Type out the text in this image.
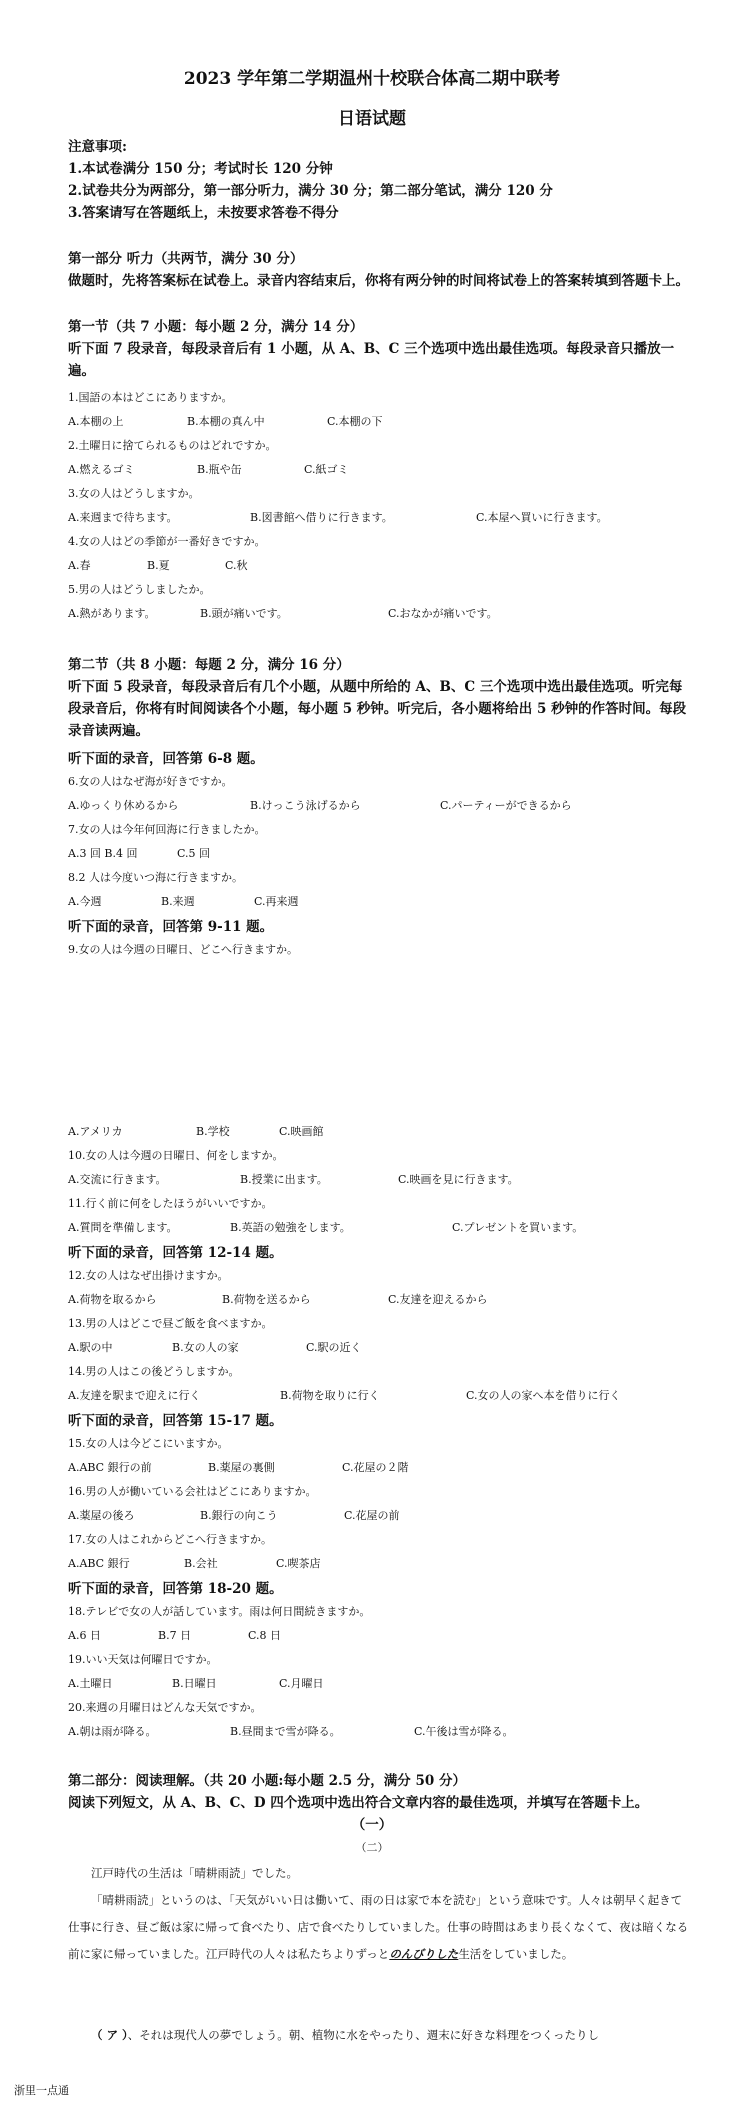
2023 学年第二学期温州十校联合体高二期中联考
日语试题
注意事项:
1.本试卷满分 150 分；考试时长 120 分钟
2.试卷共分为两部分，第一部分听力，满分 30 分；第二部分笔试，满分 120 分
3.答案请写在答题纸上，未按要求答卷不得分
第一部分 听力（共两节，满分 30 分）
做题时，先将答案标在试卷上。录音内容结束后，你将有两分钟的时间将试卷上的答案转填到答题卡上。
第一节（共 7 小题：每小题 2 分，满分 14 分）
听下面 7 段录音，每段录音后有 1 小题，从 A、B、C 三个选项中选出最佳选项。每段录音只播放一遍。
1.国語の本はどこにありますか。
A.本棚の上	B.本棚の真ん中	C.本棚の下
2.土曜日に捨てられるものはどれですか。
A.燃えるゴミ	B.瓶や缶	C.紙ゴミ
3.女の人はどうしますか。
A.来週まで待ちます。	B.図書館へ借りに行きます。	C.本屋へ買いに行きます。
4.女の人はどの季節が一番好きですか。
A.春	B.夏	C.秋
5.男の人はどうしましたか。
A.熱があります。	B.頭が痛いです。	C.おなかが痛いです。
第二节（共 8 小题：每题 2 分，满分 16 分）
听下面 5 段录音，每段录音后有几个小题，从题中所给的 A、B、C 三个选项中选出最佳选项。听完每段录音后，你将有时间阅读各个小题，每小题 5 秒钟。听完后，各小题将给出 5 秒钟的作答时间。每段录音读两遍。
听下面的录音，回答第 6-8 题。
6.女の人はなぜ海が好きですか。
A.ゆっくり休めるから	B.けっこう泳げるから	C.パーティーができるから
7.女の人は今年何回海に行きましたか。
A.3 回 B.4 回	C.5 回
8.2 人は今度いつ海に行きますか。
A.今週	B.来週	C.再来週
听下面的录音，回答第 9-11 题。
9.女の人は今週の日曜日、どこへ行きますか。
A.アメリカ	B.学校	C.映画館
10.女の人は今週の日曜日、何をしますか。
A.交流に行きます。	B.授業に出ます。	C.映画を見に行きます。
11.行く前に何をしたほうがいいですか。
A.質問を準備します。	B.英語の勉強をします。	C.プレゼントを買います。
听下面的录音，回答第 12-14 题。
12.女の人はなぜ出掛けますか。
A.荷物を取るから	B.荷物を送るから	C.友達を迎えるから
13.男の人はどこで昼ご飯を食べますか。
A.駅の中	B.女の人の家	C.駅の近く
14.男の人はこの後どうしますか。
A.友達を駅まで迎えに行く	B.荷物を取りに行く	C.女の人の家へ本を借りに行く
听下面的录音，回答第 15-17 题。
15.女の人は今どこにいますか。
A.ABC 銀行の前	B.薬屋の裏側	C.花屋の２階
16.男の人が働いている会社はどこにありますか。
A.薬屋の後ろ	B.銀行の向こう	C.花屋の前
17.女の人はこれからどこへ行きますか。
A.ABC 銀行	B.会社	C.喫茶店
听下面的录音，回答第 18-20 题。
18.テレビで女の人が話しています。雨は何日間続きますか。
A.6 日	B.7 日	C.8 日
19.いい天気は何曜日ですか。
A.土曜日	B.日曜日	C.月曜日
20.来週の月曜日はどんな天気ですか。
A.朝は雨が降る。	B.昼間まで雪が降る。	C.午後は雪が降る。
第二部分：阅读理解。（共 20 小题:每小题 2.5 分，满分 50 分）
阅读下列短文，从 A、B、C、D 四个选项中选出符合文章内容的最佳选项，并填写在答题卡上。
（一）
（二）
江戸時代の生活は「晴耕雨読」でした。
「晴耕雨読」というのは、「天気がいい日は働いて、雨の日は家で本を読む」という意味です。人々は朝早く起きて仕事に行き、昼ご飯は家に帰って食べたり、店で食べたりしていました。仕事の時間はあまり長くなくて、夜は暗くなる前に家に帰っていました。江戸時代の人々は私たちよりずっとのんびりした生活をしていました。
（ ア ）、それは現代人の夢でしょう。朝、植物に水をやったり、週末に好きな料理をつくったりし
浙里一点通
